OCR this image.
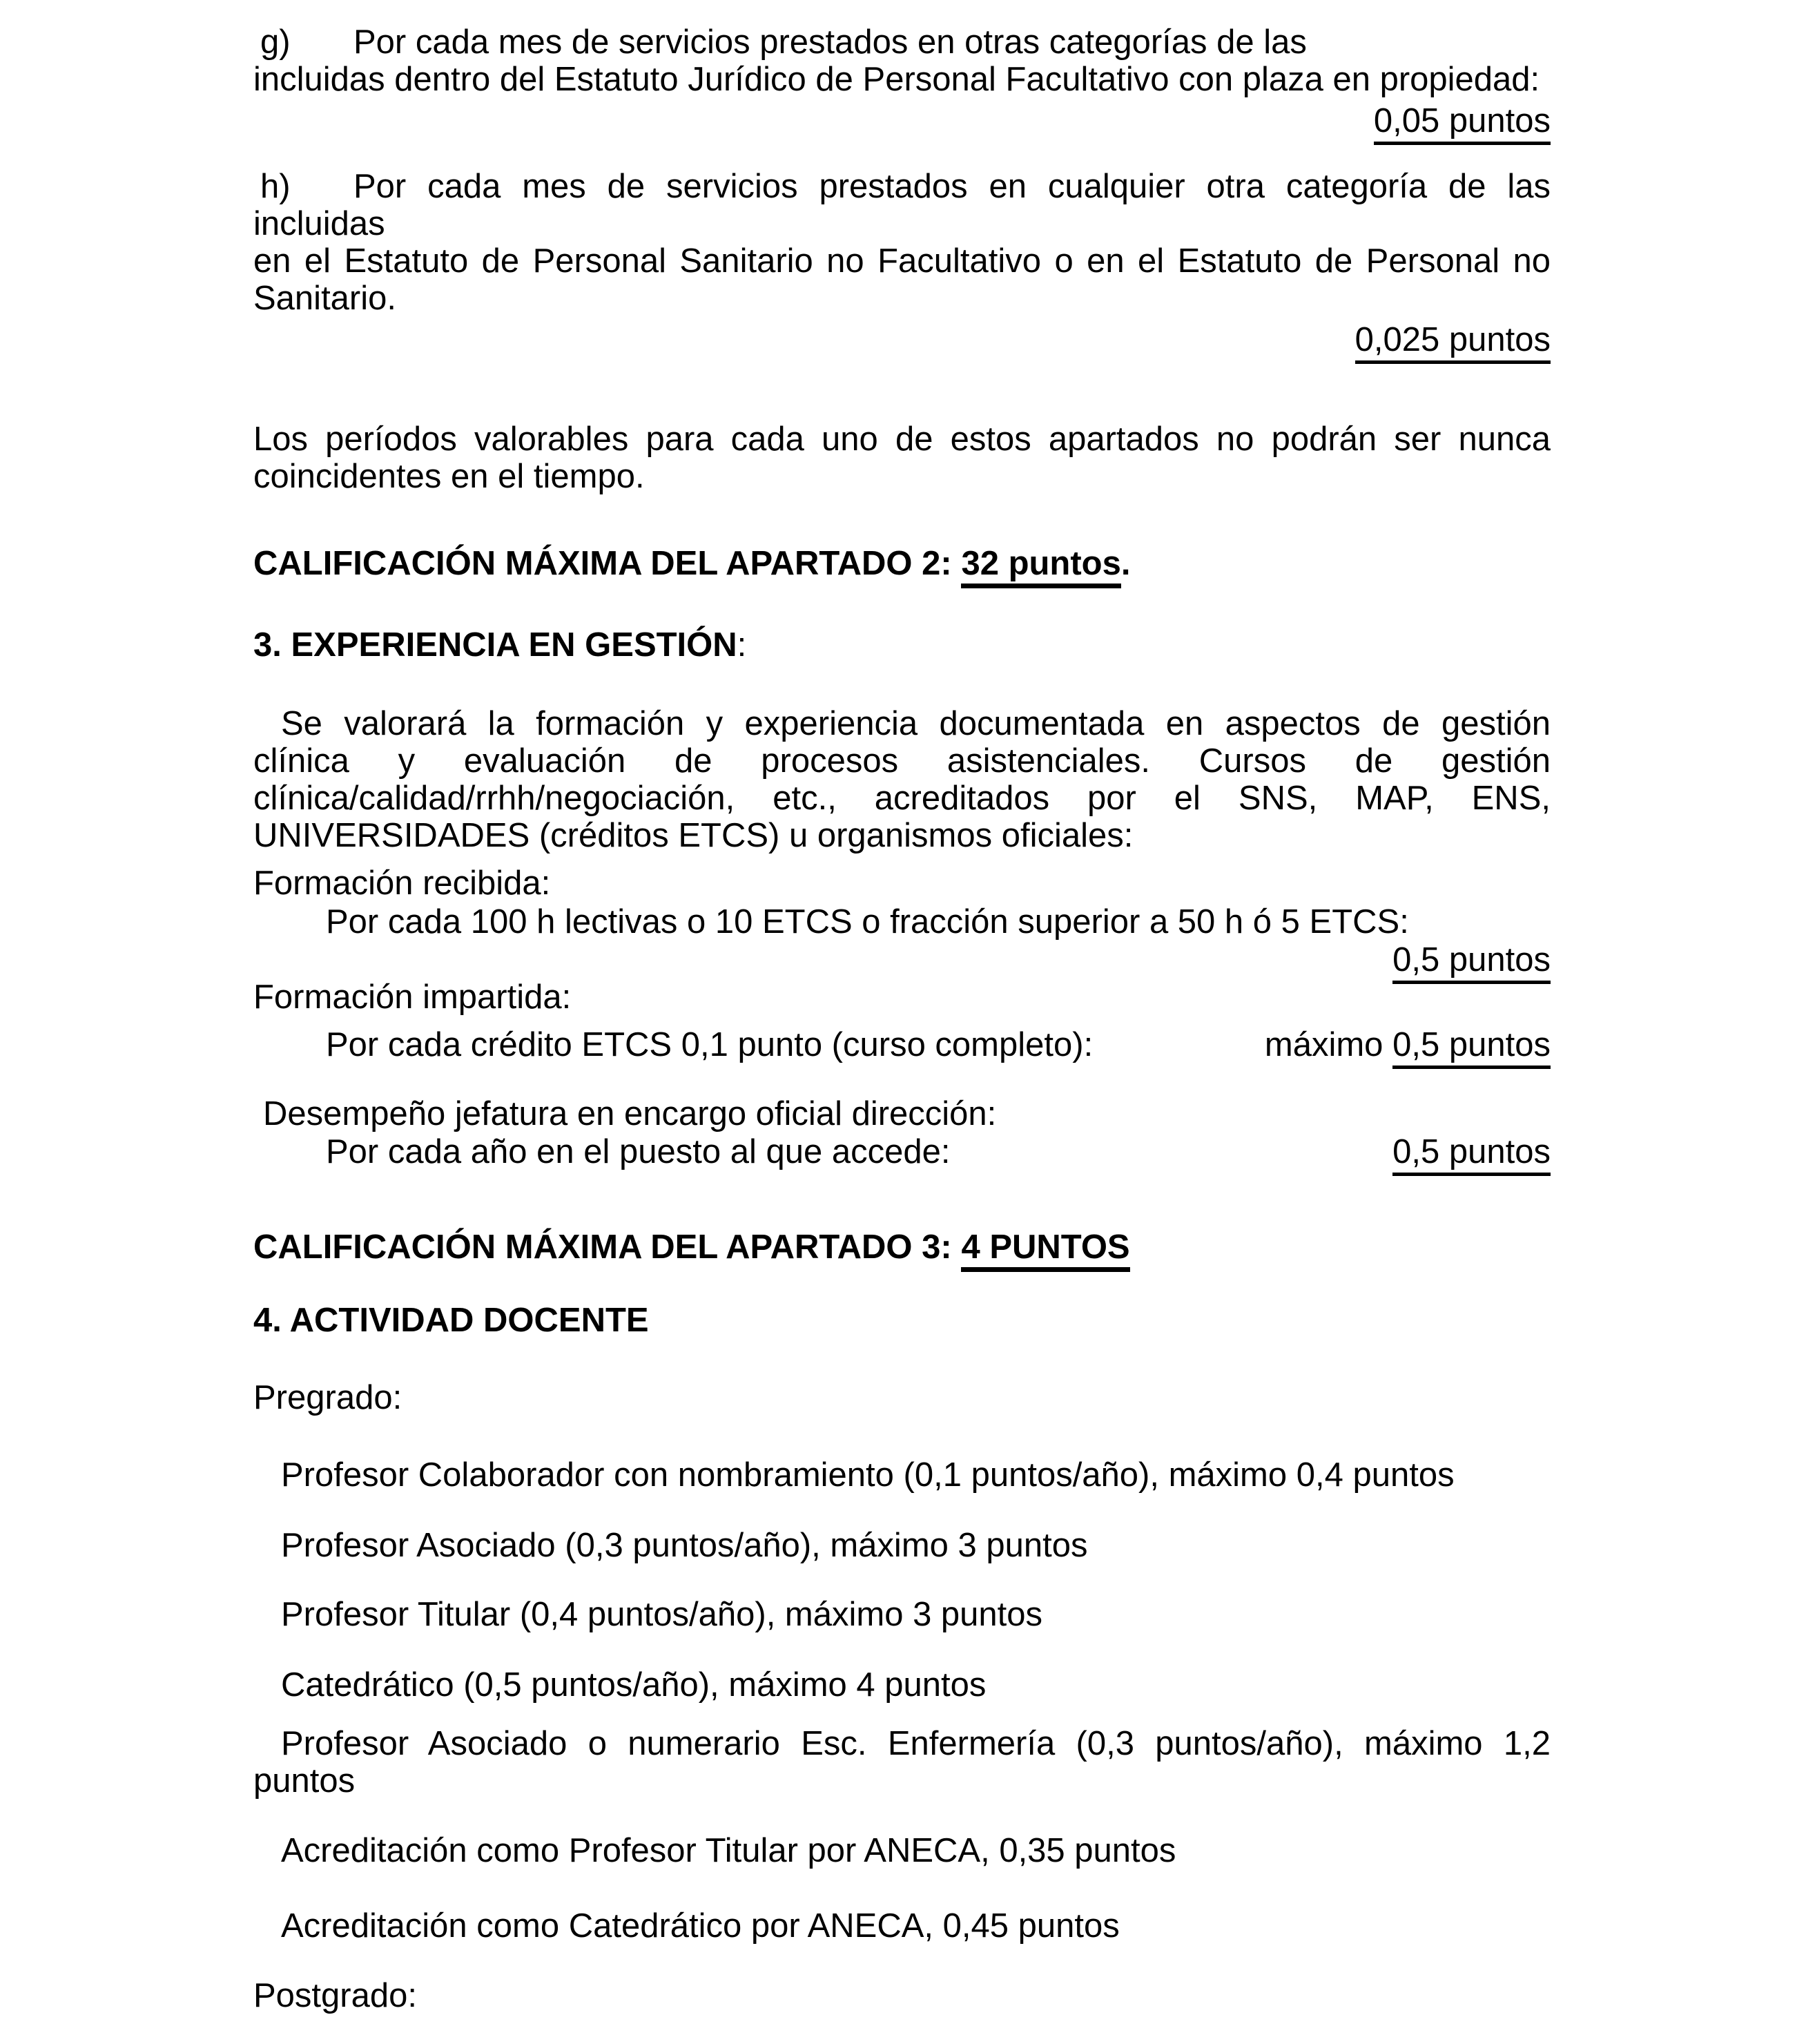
g) Por cada mes de servicios prestados en otras categorías de las
incluidas dentro del Estatuto Jurídico de Personal Facultativo con plaza en propiedad:
0,05 puntos
h) Por cada mes de servicios prestados en cualquier otra categoría de las incluidas
en el Estatuto de Personal Sanitario no Facultativo o en el Estatuto de Personal no
Sanitario.
0,025 puntos
Los períodos valorables para cada uno de estos apartados no podrán ser nunca
coincidentes en el tiempo.
CALIFICACIÓN MÁXIMA DEL APARTADO 2: 32 puntos.
3. EXPERIENCIA EN GESTIÓN:
Se valorará la formación y experiencia documentada en aspectos de gestión
clínica y evaluación de procesos asistenciales. Cursos de gestión
clínica/calidad/rrhh/negociación, etc., acreditados por el SNS, MAP, ENS,
UNIVERSIDADES (créditos ETCS) u organismos oficiales:
Formación recibida:
Por cada 100 h lectivas o 10 ETCS o fracción superior a 50 h ó 5 ETCS:
0,5 puntos
Formación impartida:
Por cada crédito ETCS 0,1 punto (curso completo):	máximo 0,5 puntos
Desempeño jefatura en encargo oficial dirección:
Por cada año en el puesto al que accede:	0,5 puntos
CALIFICACIÓN MÁXIMA DEL APARTADO 3: 4 PUNTOS
4. ACTIVIDAD DOCENTE
Pregrado:
Profesor Colaborador con nombramiento (0,1 puntos/año), máximo 0,4 puntos
Profesor Asociado (0,3 puntos/año), máximo 3 puntos
Profesor Titular (0,4 puntos/año), máximo 3 puntos
Catedrático (0,5 puntos/año), máximo 4 puntos
Profesor Asociado o numerario Esc. Enfermería (0,3 puntos/año), máximo 1,2
puntos
Acreditación como Profesor Titular por ANECA, 0,35 puntos
Acreditación como Catedrático por ANECA, 0,45 puntos
Postgrado:
